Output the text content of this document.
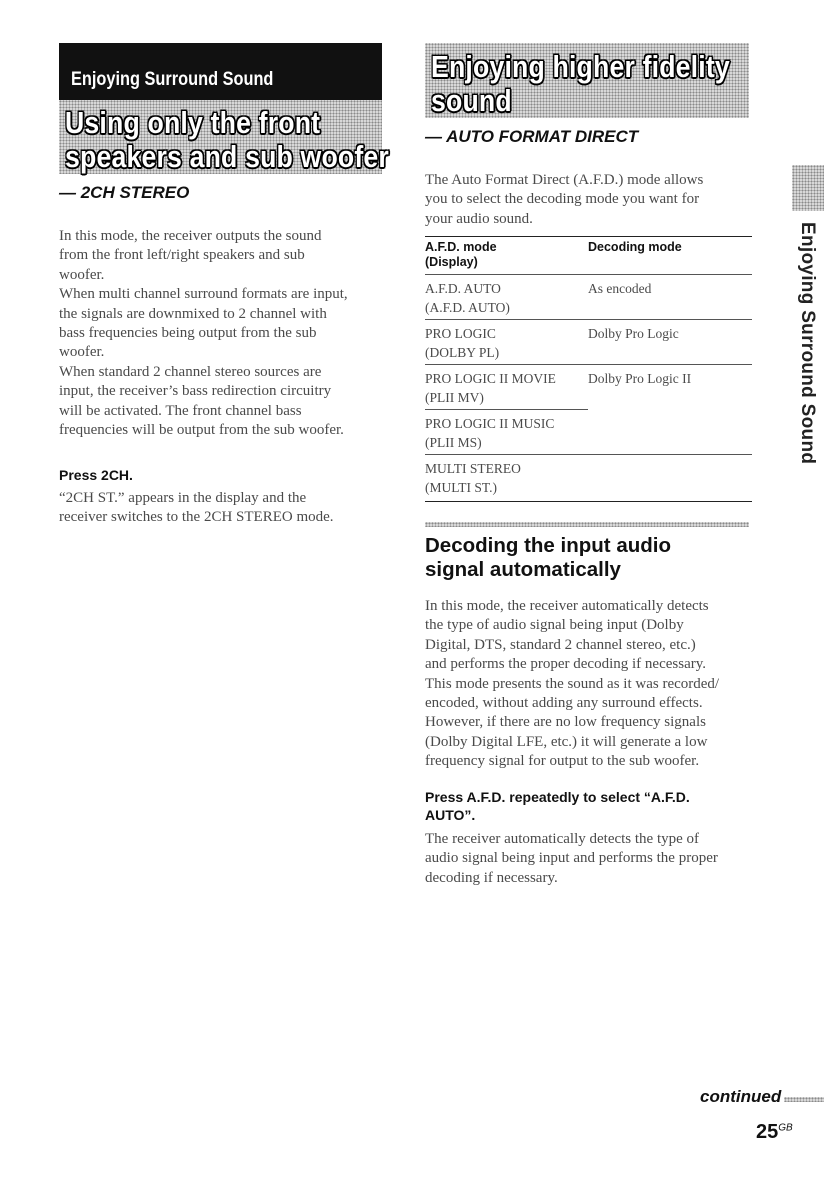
Enjoying Surround Sound
Using only the front
speakers and sub woofer
— 2CH STEREO
In this mode, the receiver outputs the sound
from the front left/right speakers and sub
woofer.
When multi channel surround formats are input,
the signals are downmixed to 2 channel with
bass frequencies being output from the sub
woofer.
When standard 2 channel stereo sources are
input, the receiver’s bass redirection circuitry
will be activated. The front channel bass
frequencies will be output from the sub woofer.
Press 2CH.
“2CH ST.” appears in the display and the
receiver switches to the 2CH STEREO mode.
Enjoying higher fidelity
sound
— AUTO FORMAT DIRECT
The Auto Format Direct (A.F.D.) mode allows
you to select the decoding mode you want for
your audio sound.
A.F.D. mode
(Display)	Decoding mode

A.F.D. AUTO
(A.F.D. AUTO)	As encoded

PRO LOGIC
(DOLBY PL)	Dolby Pro Logic

PRO LOGIC II MOVIE
(PLII MV)	Dolby Pro Logic II

PRO LOGIC II MUSIC
(PLII MS)	

MULTI STEREO
(MULTI ST.)	

Decoding the input audio
signal automatically
In this mode, the receiver automatically detects
the type of audio signal being input (Dolby
Digital, DTS, standard 2 channel stereo, etc.)
and performs the proper decoding if necessary.
This mode presents the sound as it was recorded/
encoded, without adding any surround effects.
However, if there are no low frequency signals
(Dolby Digital LFE, etc.) it will generate a low
frequency signal for output to the sub woofer.
Press A.F.D. repeatedly to select “A.F.D.
AUTO”.
The receiver automatically detects the type of
audio signal being input and performs the proper
decoding if necessary.
Enjoying Surround Sound
continued
$25^{GB}$
